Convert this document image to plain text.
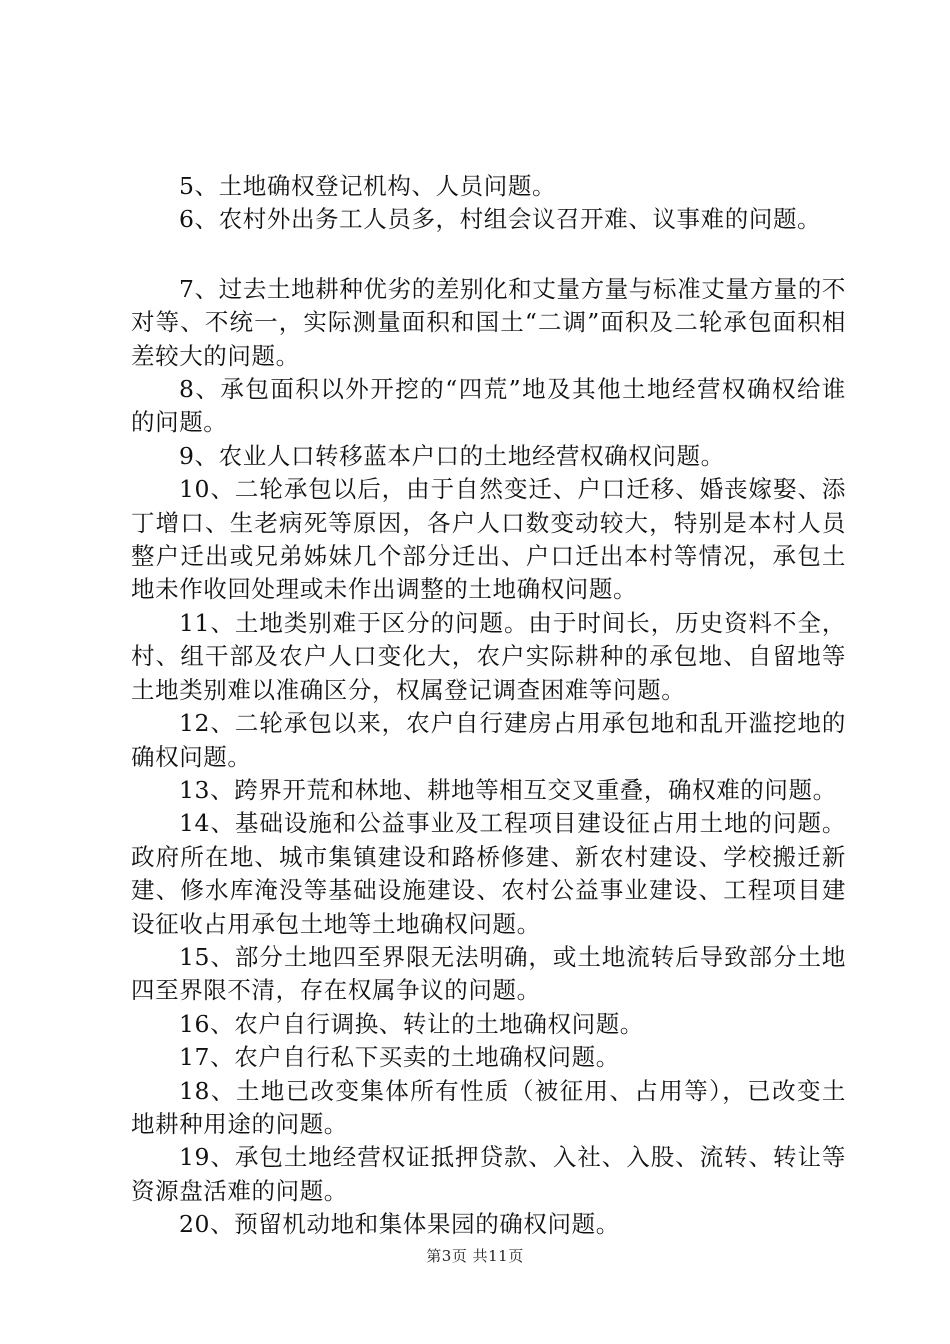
5、土地确权登记机构、人员问题。

6、农村外出务工人员多，村组会议召开难、议事难的问题。

7、过去土地耕种优劣的差别化和丈量方量与标准丈量方量的不对等、不统一，实际测量面积和国土“二调”面积及二轮承包面积相差较大的问题。

8、承包面积以外开挖的“四荒”地及其他土地经营权确权给谁的问题。

9、农业人口转移蓝本户口的土地经营权确权问题。

10、二轮承包以后，由于自然变迁、户口迁移、婚丧嫁娶、添丁增口、生老病死等原因，各户人口数变动较大，特别是本村人员整户迁出或兄弟姊妹几个部分迁出、户口迁出本村等情况，承包土地未作收回处理或未作出调整的土地确权问题。

11、土地类别难于区分的问题。由于时间长，历史资料不全，村、组干部及农户人口变化大，农户实际耕种的承包地、自留地等土地类别难以准确区分，权属登记调查困难等问题。

12、二轮承包以来，农户自行建房占用承包地和乱开滥挖地的确权问题。

13、跨界开荒和林地、耕地等相互交叉重叠，确权难的问题。

14、基础设施和公益事业及工程项目建设征占用土地的问题。政府所在地、城市集镇建设和路桥修建、新农村建设、学校搬迁新建、修水库淹没等基础设施建设、农村公益事业建设、工程项目建设征收占用承包土地等土地确权问题。

15、部分土地四至界限无法明确，或土地流转后导致部分土地四至界限不清，存在权属争议的问题。

16、农户自行调换、转让的土地确权问题。

17、农户自行私下买卖的土地确权问题。

18、土地已改变集体所有性质（被征用、占用等），已改变土地耕种用途的问题。

19、承包土地经营权证抵押贷款、入社、入股、流转、转让等资源盘活难的问题。

20、预留机动地和集体果园的确权问题。

第3页 共11页
